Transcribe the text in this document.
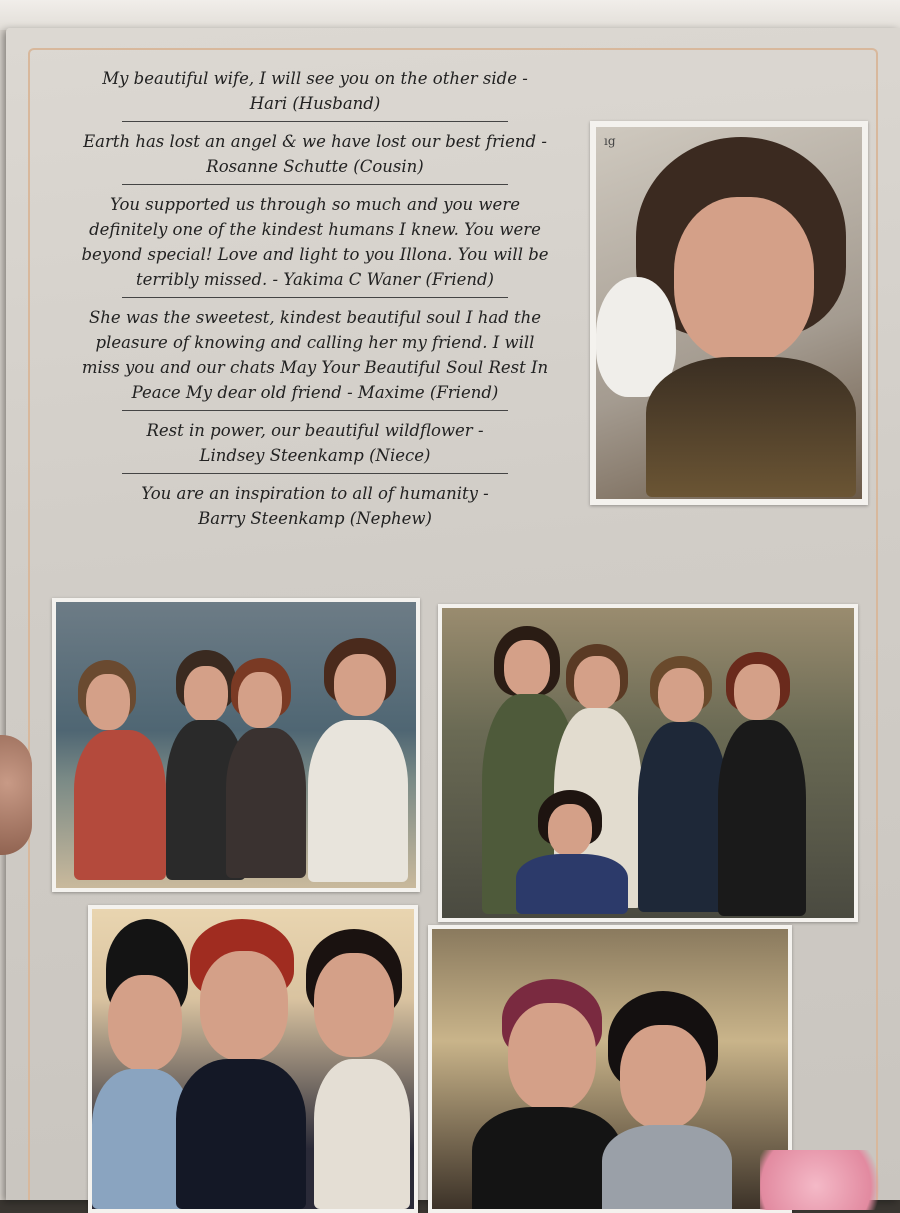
My beautiful wife, I will see you on the other side -
Hari (Husband)

Earth has lost an angel & we have lost our best friend -
Rosanne Schutte (Cousin)

You supported us through so much and you were
definitely one of the kindest humans I knew. You were
beyond special! Love and light to you Illona. You will be
terribly missed. - Yakima C Waner (Friend)

She was the sweetest, kindest beautiful soul I had the
pleasure of knowing and calling her my friend. I will
miss you and our chats May Your Beautiful Soul Rest In
Peace My dear old friend - Maxime (Friend)

Rest in power, our beautiful wildflower -
Lindsey Steenkamp (Niece)

You are an inspiration to all of humanity -
Barry Steenkamp (Nephew)

ıg
